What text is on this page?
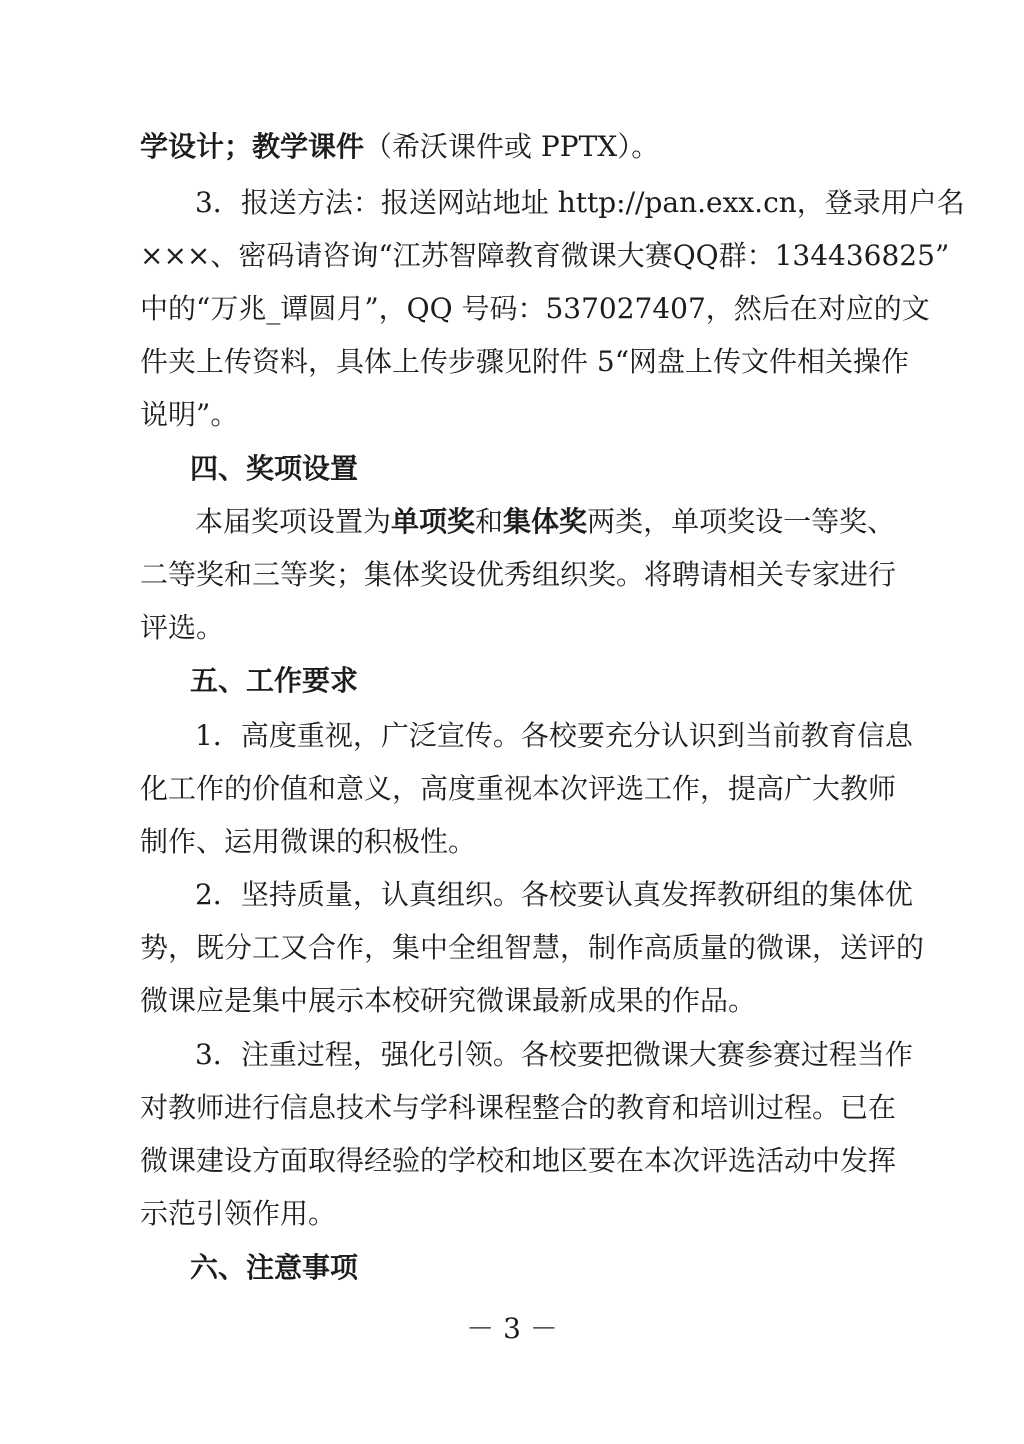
学设计；教学课件（希沃课件或 PPTX）。
3．报送方法：报送网站地址 http://pan.exx.cn，登录用户名
×××、密码请咨询“江苏智障教育微课大赛QQ群：134436825”
中的“万兆_谭圆月”，QQ 号码：537027407，然后在对应的文
件夹上传资料，具体上传步骤见附件 5“网盘上传文件相关操作
说明”。
四、奖项设置
本届奖项设置为单项奖和集体奖两类，单项奖设一等奖、
二等奖和三等奖；集体奖设优秀组织奖。将聘请相关专家进行
评选。
五、工作要求
1．高度重视，广泛宣传。各校要充分认识到当前教育信息
化工作的价值和意义，高度重视本次评选工作，提高广大教师
制作、运用微课的积极性。
2．坚持质量，认真组织。各校要认真发挥教研组的集体优
势，既分工又合作，集中全组智慧，制作高质量的微课，送评的
微课应是集中展示本校研究微课最新成果的作品。
3．注重过程，强化引领。各校要把微课大赛参赛过程当作
对教师进行信息技术与学科课程整合的教育和培训过程。已在
微课建设方面取得经验的学校和地区要在本次评选活动中发挥
示范引领作用。
六、注意事项
－ 3 －
